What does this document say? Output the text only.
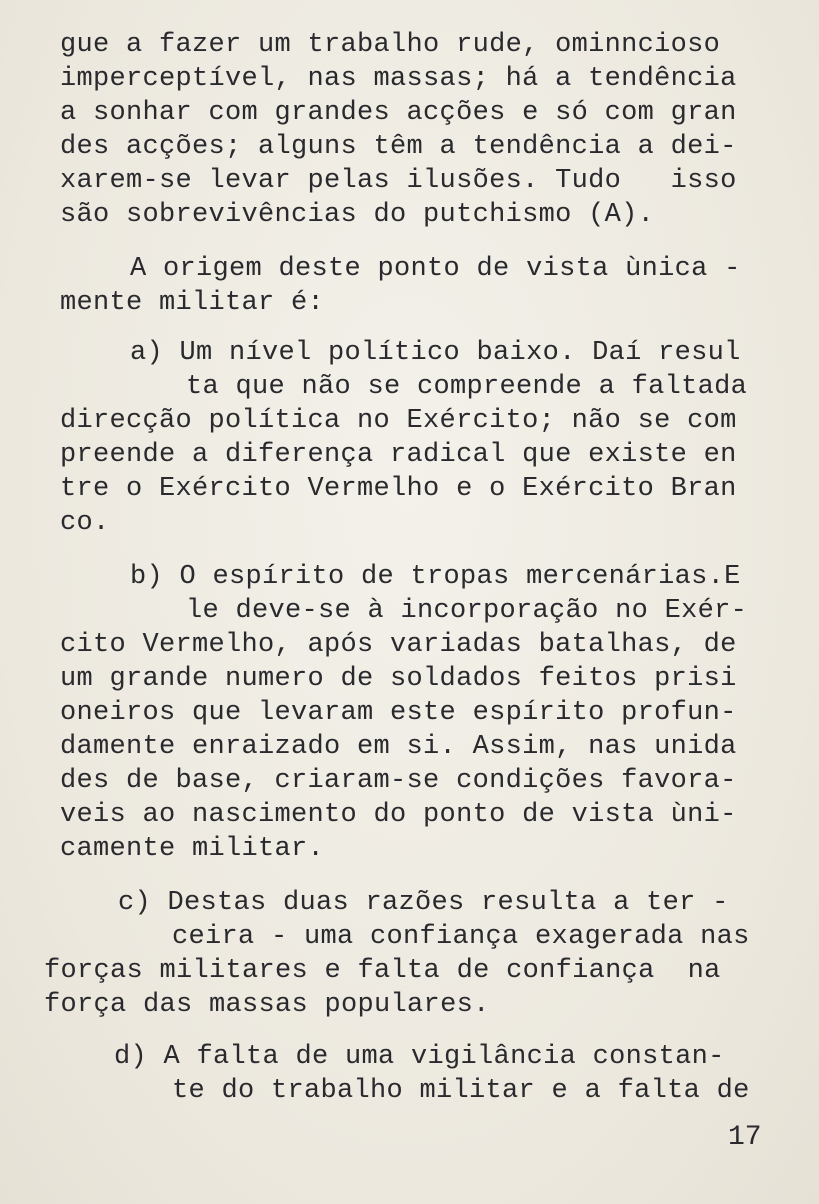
gue a fazer um trabalho rude, ominncioso
imperceptível, nas massas; há a tendência
a sonhar com grandes acções e só com gran
des acções; alguns têm a tendência a dei-
xarem-se levar pelas ilusões. Tudo   isso
são sobrevivências do putchismo (A).
A origem deste ponto de vista ùnica -
mente militar é:
a) Um nível político baixo. Daí resul
ta que não se compreende a faltada
direcção política no Exército; não se com
preende a diferença radical que existe en
tre o Exército Vermelho e o Exército Bran
co.
b) O espírito de tropas mercenárias.E
le deve-se à incorporação no Exér-
cito Vermelho, após variadas batalhas, de
um grande numero de soldados feitos prisi
oneiros que levaram este espírito profun-
damente enraizado em si. Assim, nas unida
des de base, criaram-se condições favora-
veis ao nascimento do ponto de vista ùni-
camente militar.
c) Destas duas razões resulta a ter -
ceira - uma confiança exagerada nas
forças militares e falta de confiança  na
força das massas populares.
d) A falta de uma vigilância constan-
te do trabalho militar e a falta de
17
